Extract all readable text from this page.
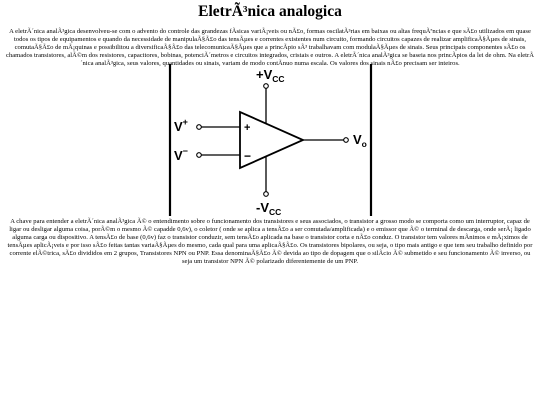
EletrÃ³nica analogica

A eletrÃ´nica analÃ³gica desenvolveu-se com o advento do controle das grandezas fÃsicas variÃ¡veis ou nÃ£o, formas oscilatÃ³rias em baixas ou altas frequÃªncias e que sÃ£o utilizados em quase todos os tipos de equipamentos e quando da necessidade de manipulaÃ§Ã£o das tensÃµes e correntes existentes num circuito, formando circuitos capazes de realizar amplificaÃ§Ãµes de sinais, comutaÃ§Ã£o de mÃ¡quinas e possibilitou a diversificaÃ§Ã£o das telecomunicaÃ§Ãµes que a princÃpio sÃ³ trabalhavam com modulaÃ§Ãµes de sinais. Seus principais componentes sÃ£o os chamados transistores, alÃ©m dos resistores, capacitores, bobinas, potenciÃ´metros e circuitos integrados, cristais e outros. A eletrÃ´nica analÃ³gica se baseia nos princÃpios da lei de ohm. Na eletrÃ´nica analÃ³gica, seus valores, quantidades ou sinais, variam de modo contÃnuo numa escala. Os valores dos sinais nÃ£o precisam ser inteiros.

+
−
$+V_{CC}$
$-V_{CC}$
V+
V−
$V_o$

A chave para entender a eletrÃ´nica analÃ³gica Ã© o entendimento sobre o funcionamento dos transistores e seus associados, o transistor a grosso modo se comporta como um interruptor, capaz de ligar ou desligar alguma coisa, porÃ©m o mesmo Ã© capadde 0,6v), o coletor ( onde se aplica a tensÃ£o a ser comutada/amplificada) e o emissor que Ã© o terminal de descarga, onde serÃ¡ ligado alguma carga ou dispositivo. A tensÃ£o de base (0,6v) faz o transistor conduzir, sem tensÃ£o aplicada na base o transistor corta e nÃ£o conduz. O transistor tem valores mÃnimos e mÃ¡ximos de tensÃµes aplicÃ¡veis e por isso sÃ£o feitas tantas variaÃ§Ãµes do mesmo, cada qual para uma aplicaÃ§Ã£o. Os transistores bipolares, ou seja, o tipo mais antigo e que tem seu trabalho definido por corrente elÃ©trica, sÃ£o divididos em 2 grupos, Transistores NPN ou PNP. Essa denominaÃ§Ã£o Ã© devida ao tipo de dopagem que o silÃcio Ã© submetido e seu funcionamento Ã© inverso, ou seja um transistor NPN Ã© polarizado diferentemente de um PNP.
